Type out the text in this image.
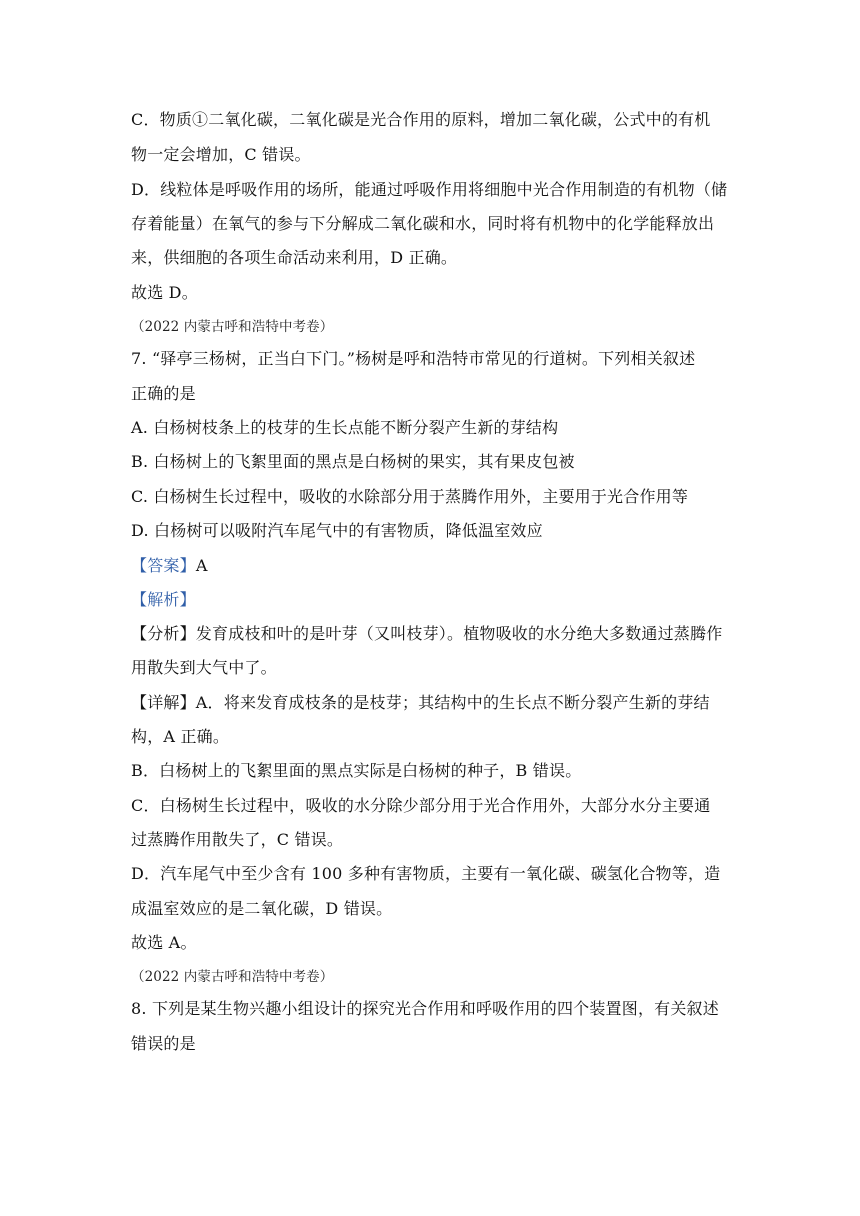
C．物质①二氧化碳，二氧化碳是光合作用的原料，增加二氧化碳，公式中的有机
物一定会增加，C 错误。
D．线粒体是呼吸作用的场所，能通过呼吸作用将细胞中光合作用制造的有机物（储
存着能量）在氧气的参与下分解成二氧化碳和水，同时将有机物中的化学能释放出
来，供细胞的各项生命活动来利用，D 正确。
故选 D。
（2022 内蒙古呼和浩特中考卷）
7. “驿亭三杨树，正当白下门。”杨树是呼和浩特市常见的行道树。下列相关叙述
正确的是
A. 白杨树枝条上的枝芽的生长点能不断分裂产生新的芽结构
B. 白杨树上的飞絮里面的黑点是白杨树的果实，其有果皮包被
C. 白杨树生长过程中，吸收的水除部分用于蒸腾作用外，主要用于光合作用等
D. 白杨树可以吸附汽车尾气中的有害物质，降低温室效应
【答案】A
【解析】
【分析】发育成枝和叶的是叶芽（又叫枝芽）。植物吸收的水分绝大多数通过蒸腾作
用散失到大气中了。
【详解】A．将来发育成枝条的是枝芽；其结构中的生长点不断分裂产生新的芽结
构，A 正确。
B．白杨树上的飞絮里面的黑点实际是白杨树的种子，B 错误。
C．白杨树生长过程中，吸收的水分除少部分用于光合作用外，大部分水分主要通
过蒸腾作用散失了，C 错误。
D．汽车尾气中至少含有 100 多种有害物质，主要有一氧化碳、碳氢化合物等，造
成温室效应的是二氧化碳，D 错误。
故选 A。
（2022 内蒙古呼和浩特中考卷）
8. 下列是某生物兴趣小组设计的探究光合作用和呼吸作用的四个装置图，有关叙述
错误的是
